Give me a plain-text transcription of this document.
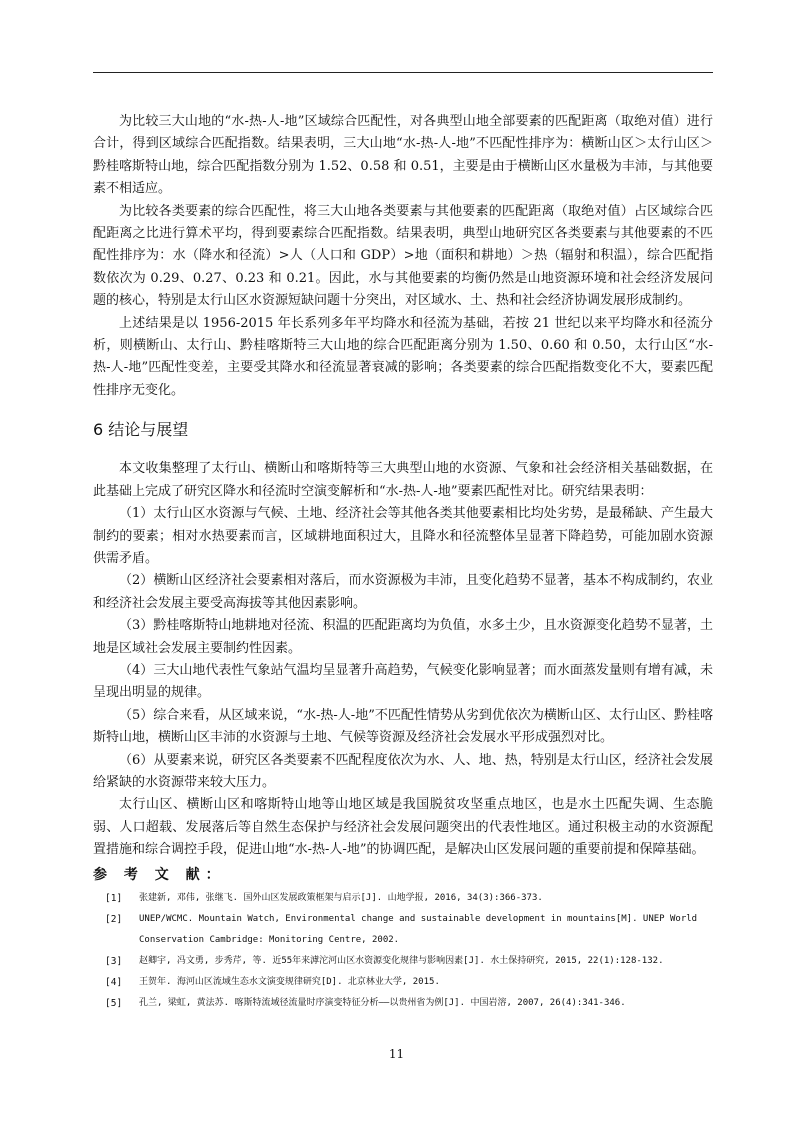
为比较三大山地的“水-热-人-地”区域综合匹配性，对各典型山地全部要素的匹配距离（取绝对值）进行合计，得到区域综合匹配指数。结果表明，三大山地“水-热-人-地”不匹配性排序为：横断山区＞太行山区＞黔桂喀斯特山地，综合匹配指数分别为 1.52、0.58 和 0.51，主要是由于横断山区水量极为丰沛，与其他要素不相适应。

为比较各类要素的综合匹配性，将三大山地各类要素与其他要素的匹配距离（取绝对值）占区域综合匹配距离之比进行算术平均，得到要素综合匹配指数。结果表明，典型山地研究区各类要素与其他要素的不匹配性排序为：水（降水和径流）>人（人口和 GDP）>地（面积和耕地）＞热（辐射和积温），综合匹配指数依次为 0.29、0.27、0.23 和 0.21。因此，水与其他要素的均衡仍然是山地资源环境和社会经济发展问题的核心，特别是太行山区水资源短缺问题十分突出，对区域水、土、热和社会经济协调发展形成制约。

上述结果是以 1956-2015 年长系列多年平均降水和径流为基础，若按 21 世纪以来平均降水和径流分析，则横断山、太行山、黔桂喀斯特三大山地的综合匹配距离分别为 1.50、0.60 和 0.50，太行山区“水-热-人-地”匹配性变差，主要受其降水和径流显著衰减的影响；各类要素的综合匹配指数变化不大，要素匹配性排序无变化。

6 结论与展望

本文收集整理了太行山、横断山和喀斯特等三大典型山地的水资源、气象和社会经济相关基础数据，在此基础上完成了研究区降水和径流时空演变解析和“水-热-人-地”要素匹配性对比。研究结果表明：

（1）太行山区水资源与气候、土地、经济社会等其他各类其他要素相比均处劣势，是最稀缺、产生最大制约的要素；相对水热要素而言，区域耕地面积过大，且降水和径流整体呈显著下降趋势，可能加剧水资源供需矛盾。

（2）横断山区经济社会要素相对落后，而水资源极为丰沛，且变化趋势不显著，基本不构成制约，农业和经济社会发展主要受高海拔等其他因素影响。

（3）黔桂喀斯特山地耕地对径流、积温的匹配距离均为负值，水多土少，且水资源变化趋势不显著，土地是区域社会发展主要制约性因素。

（4）三大山地代表性气象站气温均呈显著升高趋势，气候变化影响显著；而水面蒸发量则有增有减，未呈现出明显的规律。

（5）综合来看，从区域来说，“水-热-人-地”不匹配性情势从劣到优依次为横断山区、太行山区、黔桂喀斯特山地，横断山区丰沛的水资源与土地、气候等资源及经济社会发展水平形成强烈对比。

（6）从要素来说，研究区各类要素不匹配程度依次为水、人、地、热，特别是太行山区，经济社会发展给紧缺的水资源带来较大压力。

太行山区、横断山区和喀斯特山地等山地区域是我国脱贫攻坚重点地区，也是水土匹配失调、生态脆弱、人口超载、发展落后等自然生态保护与经济社会发展问题突出的代表性地区。通过积极主动的水资源配置措施和综合调控手段，促进山地“水-热-人-地”的协调匹配，是解决山区发展问题的重要前提和保障基础。

参 考 文 献：
[1]	张建新, 邓伟, 张继飞. 国外山区发展政策框架与启示[J]. 山地学报, 2016, 34(3):366-373.
[2]	UNEP/WCMC. Mountain Watch, Environmental change and sustainable development in mountains[M]. UNEP World Conservation Cambridge: Monitoring Centre, 2002.
[3]	赵卿宇, 冯文勇, 步秀芹, 等. 近55年来滹沱河山区水资源变化规律与影响因素[J]. 水土保持研究, 2015, 22(1):128-132.
[4]	王贺年. 海河山区流域生态水文演变规律研究[D]. 北京林业大学, 2015.
[5]	孔兰, 梁虹, 黄法苏. 喀斯特流域径流量时序演变特征分析——以贵州省为例[J]. 中国岩溶, 2007, 26(4):341-346.
11
